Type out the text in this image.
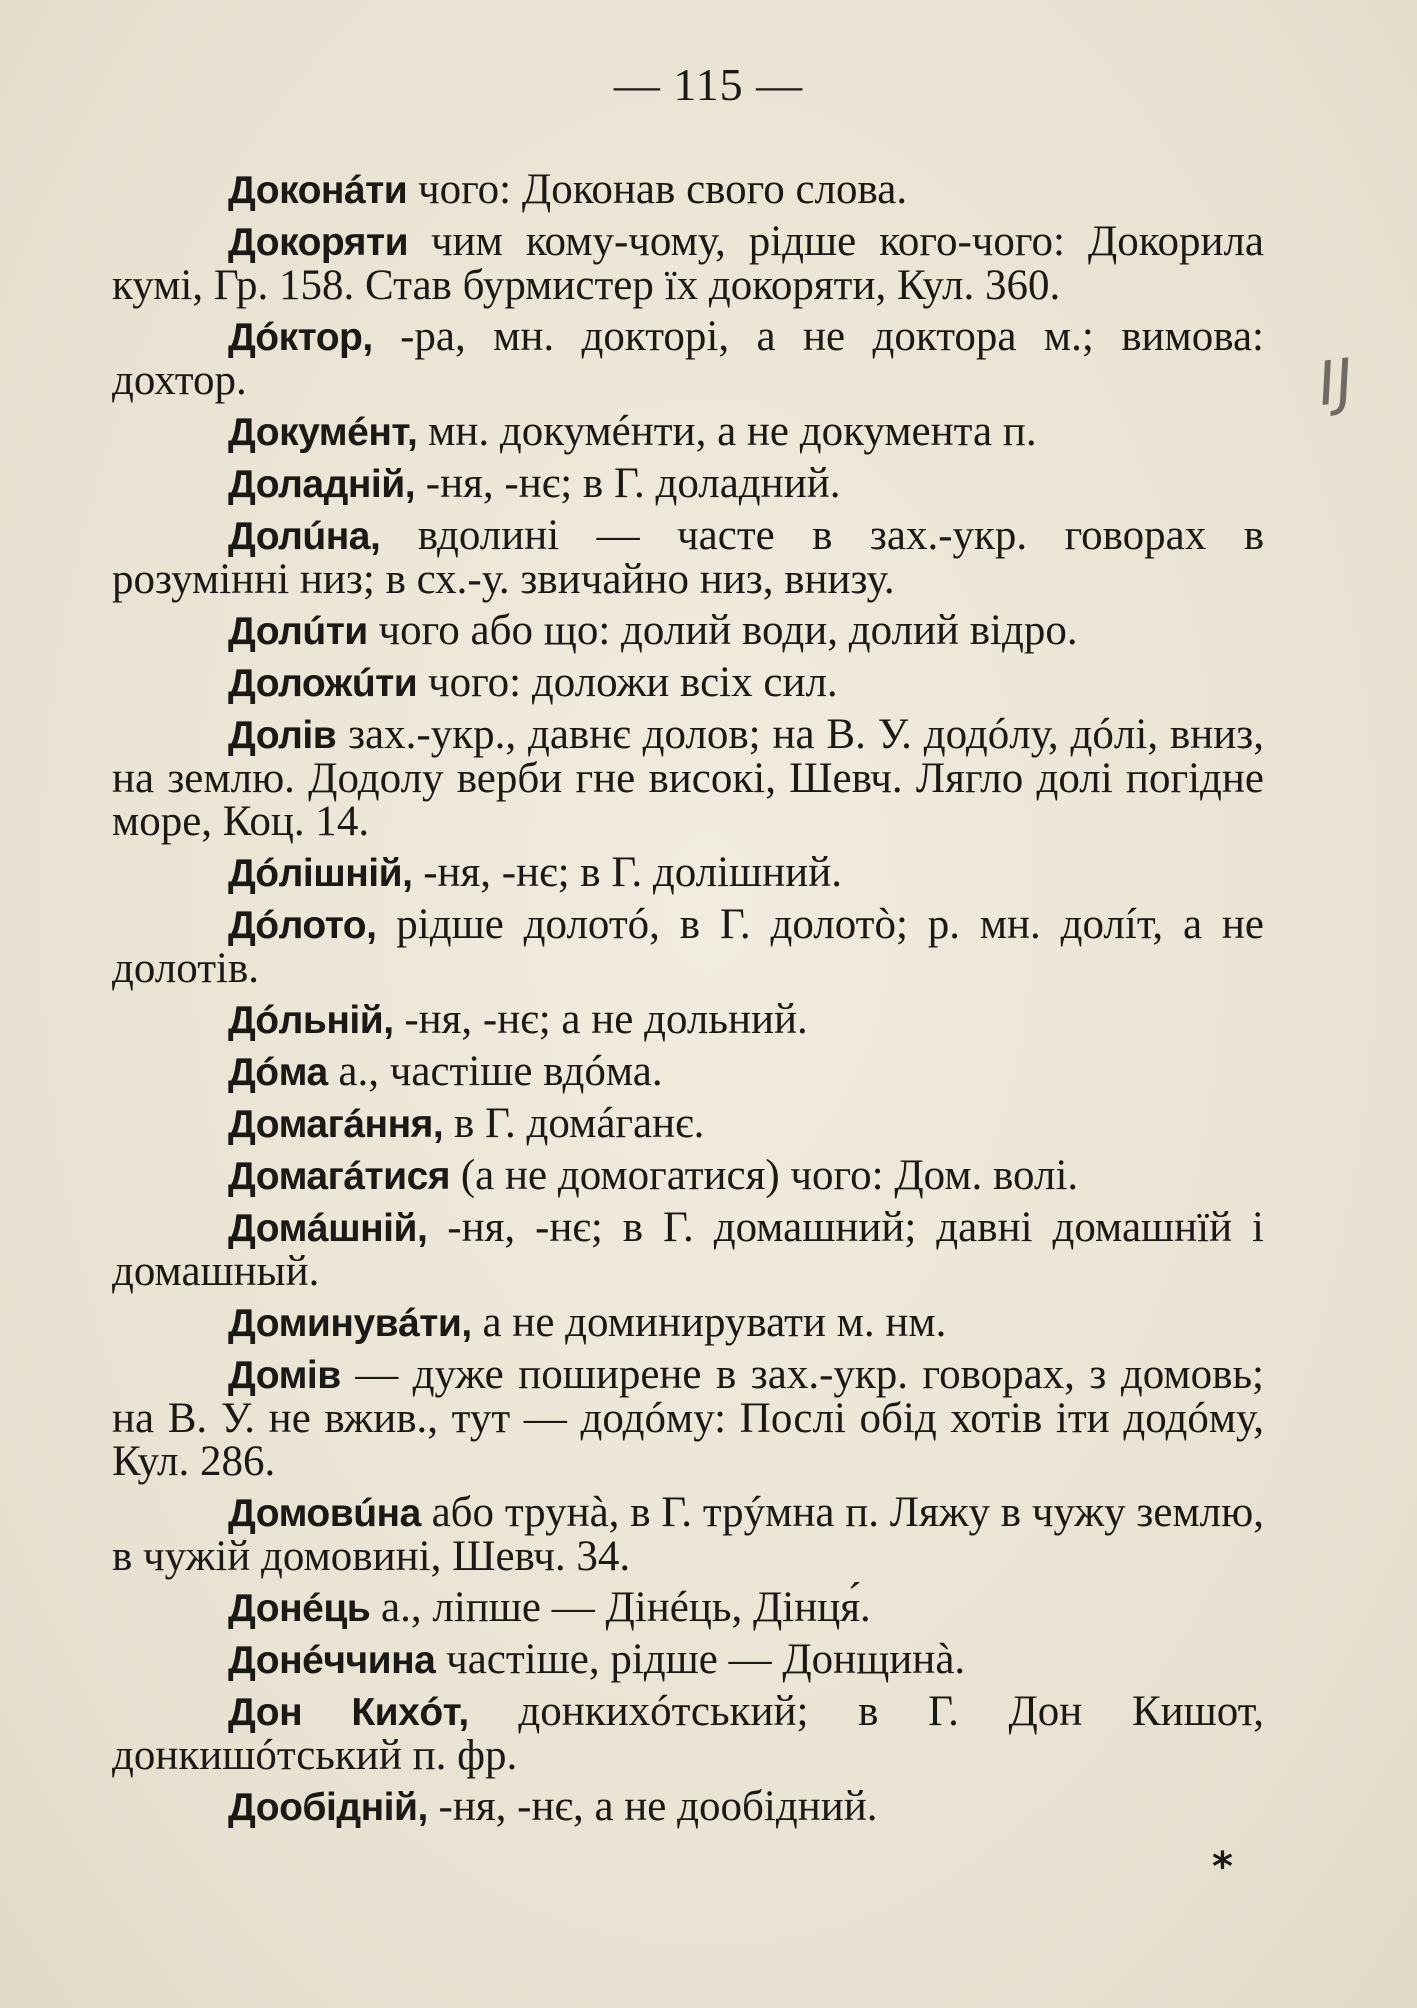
— 115 —

Доконáти чого: Доконав свого слова.

Докоряти чим кому-чому, рідше кого-чого: Докорила кумі, Гр. 158. Став бурмистер їх докоряти, Кул. 360.

Дóктор, -ра, мн. докторі, а не доктора м.; вимова: дохтор.

Докумéнт, мн. докумéнти, а не документа п.

Доладній, -ня, -нє; в Г. доладний.

Долúна, вдолині — часте в зах.-укр. говорах в розумінні низ; в сх.-у. звичайно низ, внизу.

Долúти чого або що: долий води, долий відро.

Доложúти чого: доложи всіх сил.

Долів зах.-укр., давнє долов; на В. У. додóлу, дóлі, вниз, на землю. Додолу верби гне високі, Шевч. Лягло долі погідне море, Коц. 14.

Дóлішній, -ня, -нє; в Г. долішний.

Дóлото, рідше долотó, в Г. долотò; р. мн. долíт, а не долотів.

Дóльній, -ня, -нє; а не дольний.

Дóма а., частіше вдóма.

Домагáння, в Г. домáганє.

Домагáтися (а не домогатися) чого: Дом. волі.

Домáшній, -ня, -нє; в Г. домашний; давні домашнїй і домашный.

Доминувáти, а не доминирувати м. нм.

Домів — дуже поширене в зах.-укр. говорах, з домовь; на В. У. не вжив., тут — додóму: Послі обід хотів іти додóму, Кул. 286.

Домовúна або трунà, в Г. трýмна п. Ляжу в чужу землю, в чужій домовині, Шевч. 34.

Донéць а., ліпше — Дінéць, Дінця́.

Донéччина частіше, рідше — Донщинà.

Дон Кихóт, донкихóтський; в Г. Дон Кишот, донкишóтський п. фр.

Дообідній, -ня, -нє, а не дообідний.

IJ
*
